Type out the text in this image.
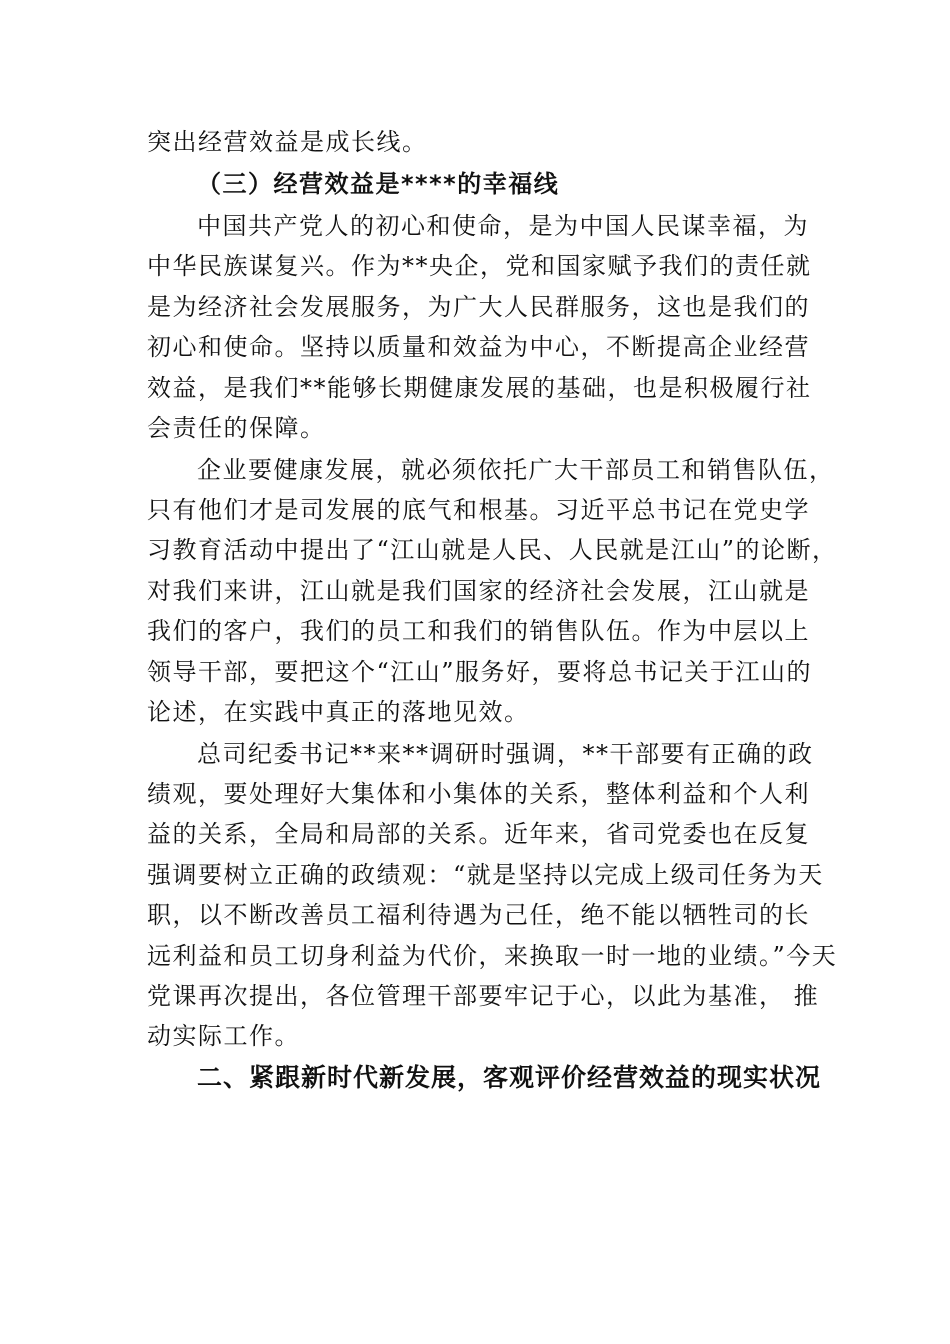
突出经营效益是成长线。

（三）经营效益是****的幸福线

中国共产党人的初心和使命，是为中国人民谋幸福，为

中华民族谋复兴。作为**央企，党和国家赋予我们的责任就

是为经济社会发展服务，为广大人民群服务，这也是我们的

初心和使命。坚持以质量和效益为中心，不断提高企业经营

效益，是我们**能够长期健康发展的基础，也是积极履行社

会责任的保障。

企业要健康发展，就必须依托广大干部员工和销售队伍，

只有他们才是司发展的底气和根基。习近平总书记在党史学

习教育活动中提出了“江山就是人民、人民就是江山”的论断，

对我们来讲，江山就是我们国家的经济社会发展，江山就是

我们的客户，我们的员工和我们的销售队伍。作为中层以上

领导干部，要把这个“江山”服务好，要将总书记关于江山的

论述，在实践中真正的落地见效。

总司纪委书记**来**调研时强调，**干部要有正确的政

绩观，要处理好大集体和小集体的关系，整体利益和个人利

益的关系，全局和局部的关系。近年来，省司党委也在反复

强调要树立正确的政绩观：“就是坚持以完成上级司任务为天

职，以不断改善员工福利待遇为己任，绝不能以牺牲司的长

远利益和员工切身利益为代价，来换取一时一地的业绩。”今天

党课再次提出，各位管理干部要牢记于心，以此为基准， 推

动实际工作。

二、紧跟新时代新发展，客观评价经营效益的现实状况
